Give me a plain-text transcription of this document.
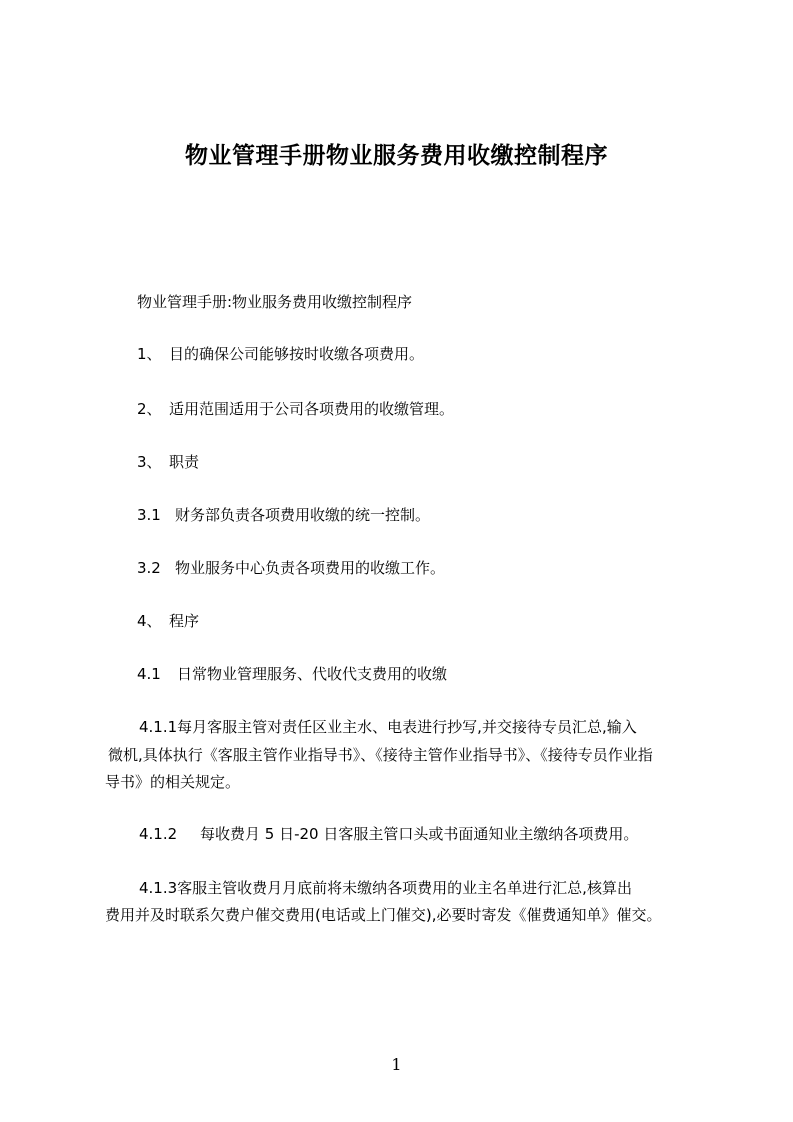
物业管理手册物业服务费用收缴控制程序

物业管理手册:物业服务费用收缴控制程序

1、 目的确保公司能够按时收缴各项费用。

2、 适用范围适用于公司各项费用的收缴管理。

3、 职责

3.1 财务部负责各项费用收缴的统一控制。

3.2 物业服务中心负责各项费用的收缴工作。

4、 程序

4.1 日常物业管理服务、代收代支费用的收缴

4.1.1每月客服主管对责任区业主水、电表进行抄写,并交接待专员汇总,输入

微机,具体执行《客服主管作业指导书》、《接待主管作业指导书》、《接待专员作业指

导书》的相关规定。

4.1.2 每收费月 5 日-20 日客服主管口头或书面通知业主缴纳各项费用。

4.1.3客服主管收费月月底前将未缴纳各项费用的业主名单进行汇总,核算出

费用并及时联系欠费户催交费用(电话或上门催交),必要时寄发《催费通知单》催交。

1
